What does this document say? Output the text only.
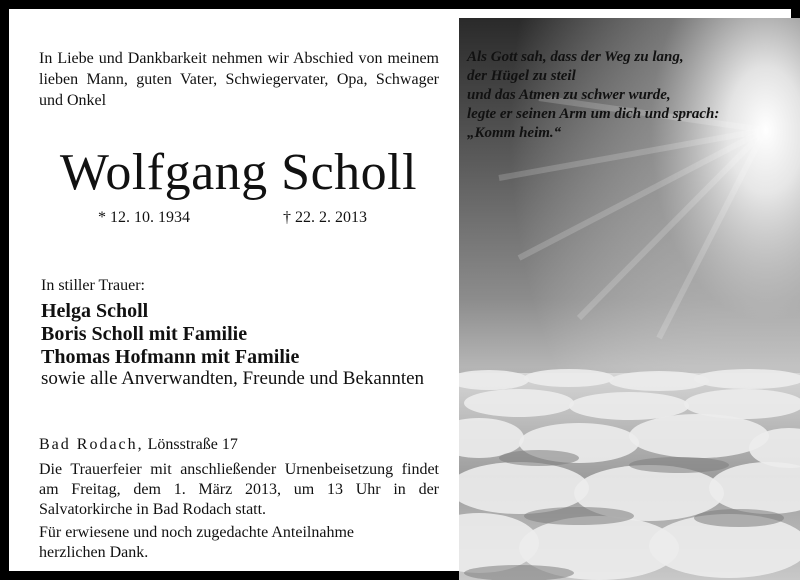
In Liebe und Dankbarkeit nehmen wir Abschied von meinem lieben Mann, guten Vater, Schwiegervater, Opa, Schwager und Onkel
Wolfgang Scholl
* 12. 10. 1934	† 22. 2. 2013
In stiller Trauer:
Helga Scholl
Boris Scholl mit Familie
Thomas Hofmann mit Familie
sowie alle Anverwandten, Freunde und Bekannten
Bad Rodach, Lönsstraße 17
Die Trauerfeier mit anschließender Urnenbeisetzung findet am Freitag, dem 1. März 2013, um 13 Uhr in der Salvatorkirche in Bad Rodach statt.
Für erwiesene und noch zugedachte Anteilnahme herzlichen Dank.
Als Gott sah, dass der Weg zu lang,
der Hügel zu steil
und das Atmen zu schwer wurde,
legte er seinen Arm um dich und sprach:
„Komm heim.“
